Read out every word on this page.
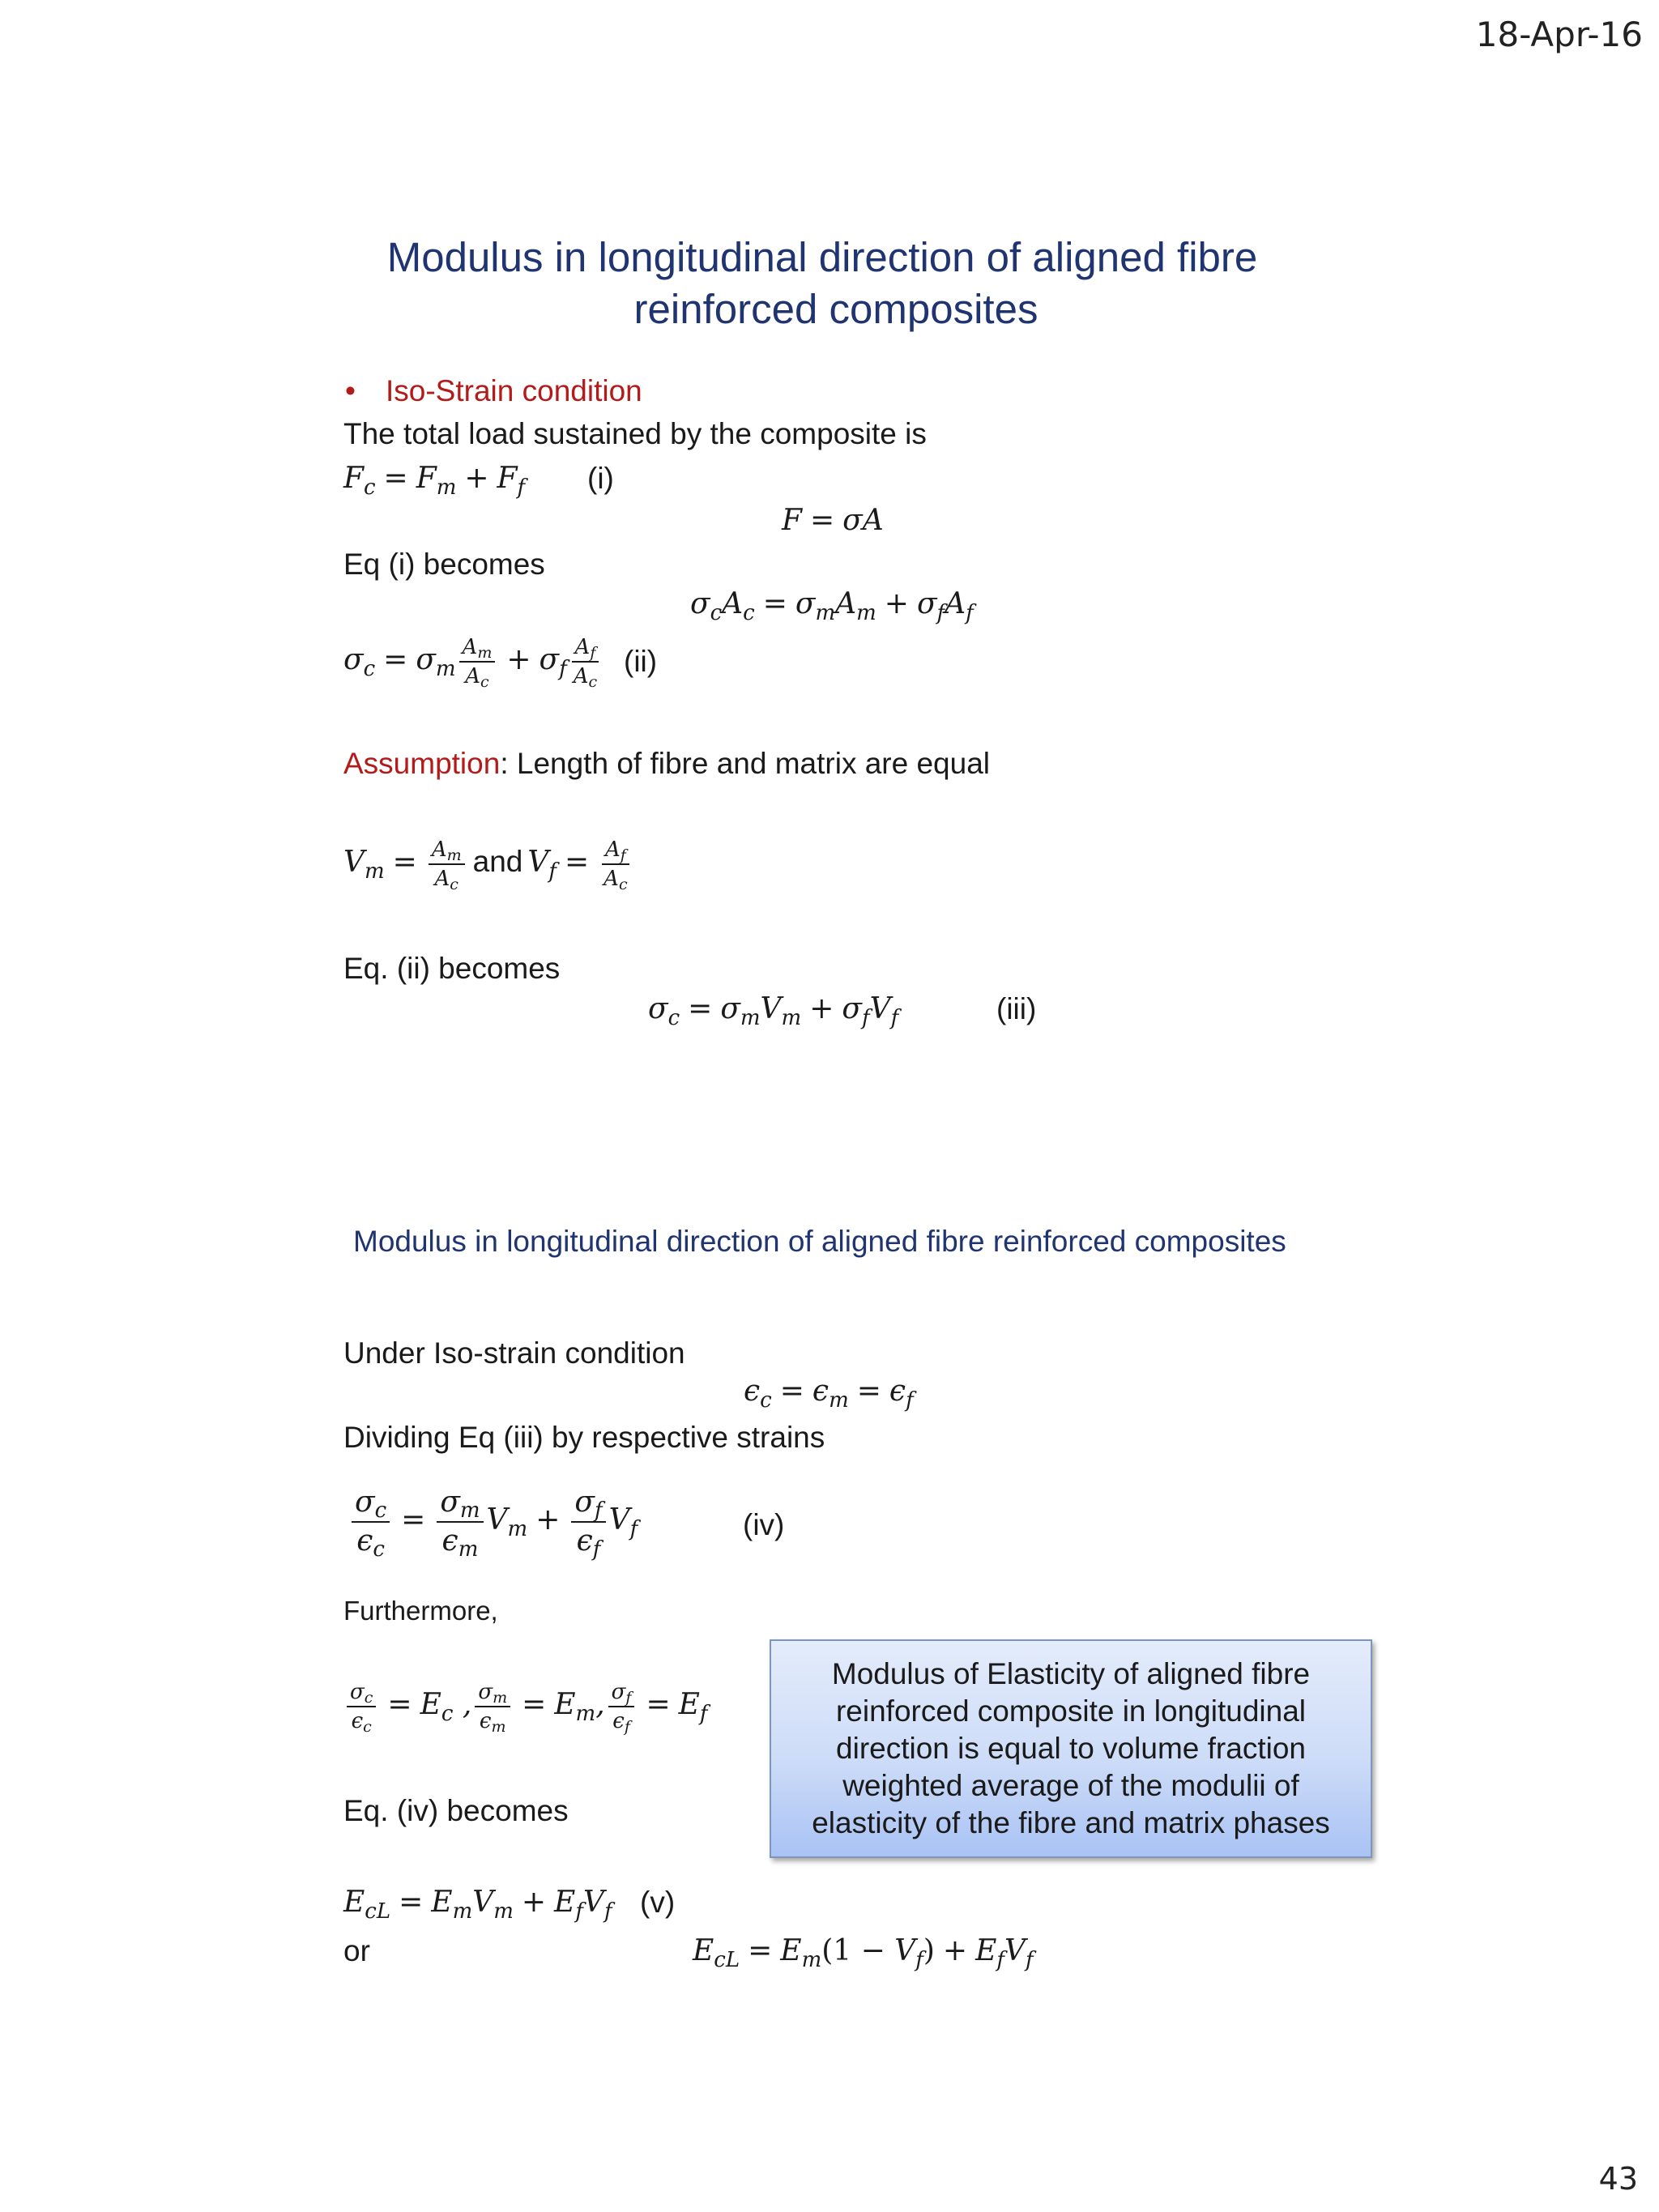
18-Apr-16
Modulus in longitudinal direction of aligned fibre
reinforced composites
• Iso-Strain condition
The total load sustained by the composite is
$F_c = F_m + F_f$ (i)
F = σA
Eq (i) becomes
$\sigma_cA_c = \sigma_mA_m + \sigma_fA_f$
$\sigma_c = \sigma_m \frac{A_m}{A_c} + \sigma_f \frac{A_f}{A_c} (ii)$
Assumption: Length of fibre and matrix are equal
$V_m = \frac{A_m}{A_c}$ and $V_f = \frac{A_f}{A_c}$
Eq. (ii) becomes
$\sigma_c = \sigma_mV_m + \sigma_fV_f$	(iii)
Modulus in longitudinal direction of aligned fibre reinforced composites
Under Iso-strain condition
$\epsilon_c = \epsilon_m = \epsilon_f$
Dividing Eq (iii) by respective strains
$\frac{\sigma_c}{\epsilon_c} = \frac{\sigma_m}{\epsilon_m} V_m + \frac{\sigma_f}{\epsilon_f} V_f$	(iv)
Furthermore,
$\frac{\sigma_c}{\epsilon_c} = E_c$ , $\frac{\sigma_m}{\epsilon_m} = E_m$, $\frac{\sigma_f}{\epsilon_f} = E_f$
Eq. (iv) becomes
Modulus of Elasticity of aligned fibre reinforced composite in longitudinal direction is equal to volume fraction weighted average of the modulii of elasticity of the fibre and matrix phases
$E_{cL} = E_mV_m + E_fV_f$ (v)
or	$E_{cL} = E_m(1 - V_f) + E_fV_f$
43
